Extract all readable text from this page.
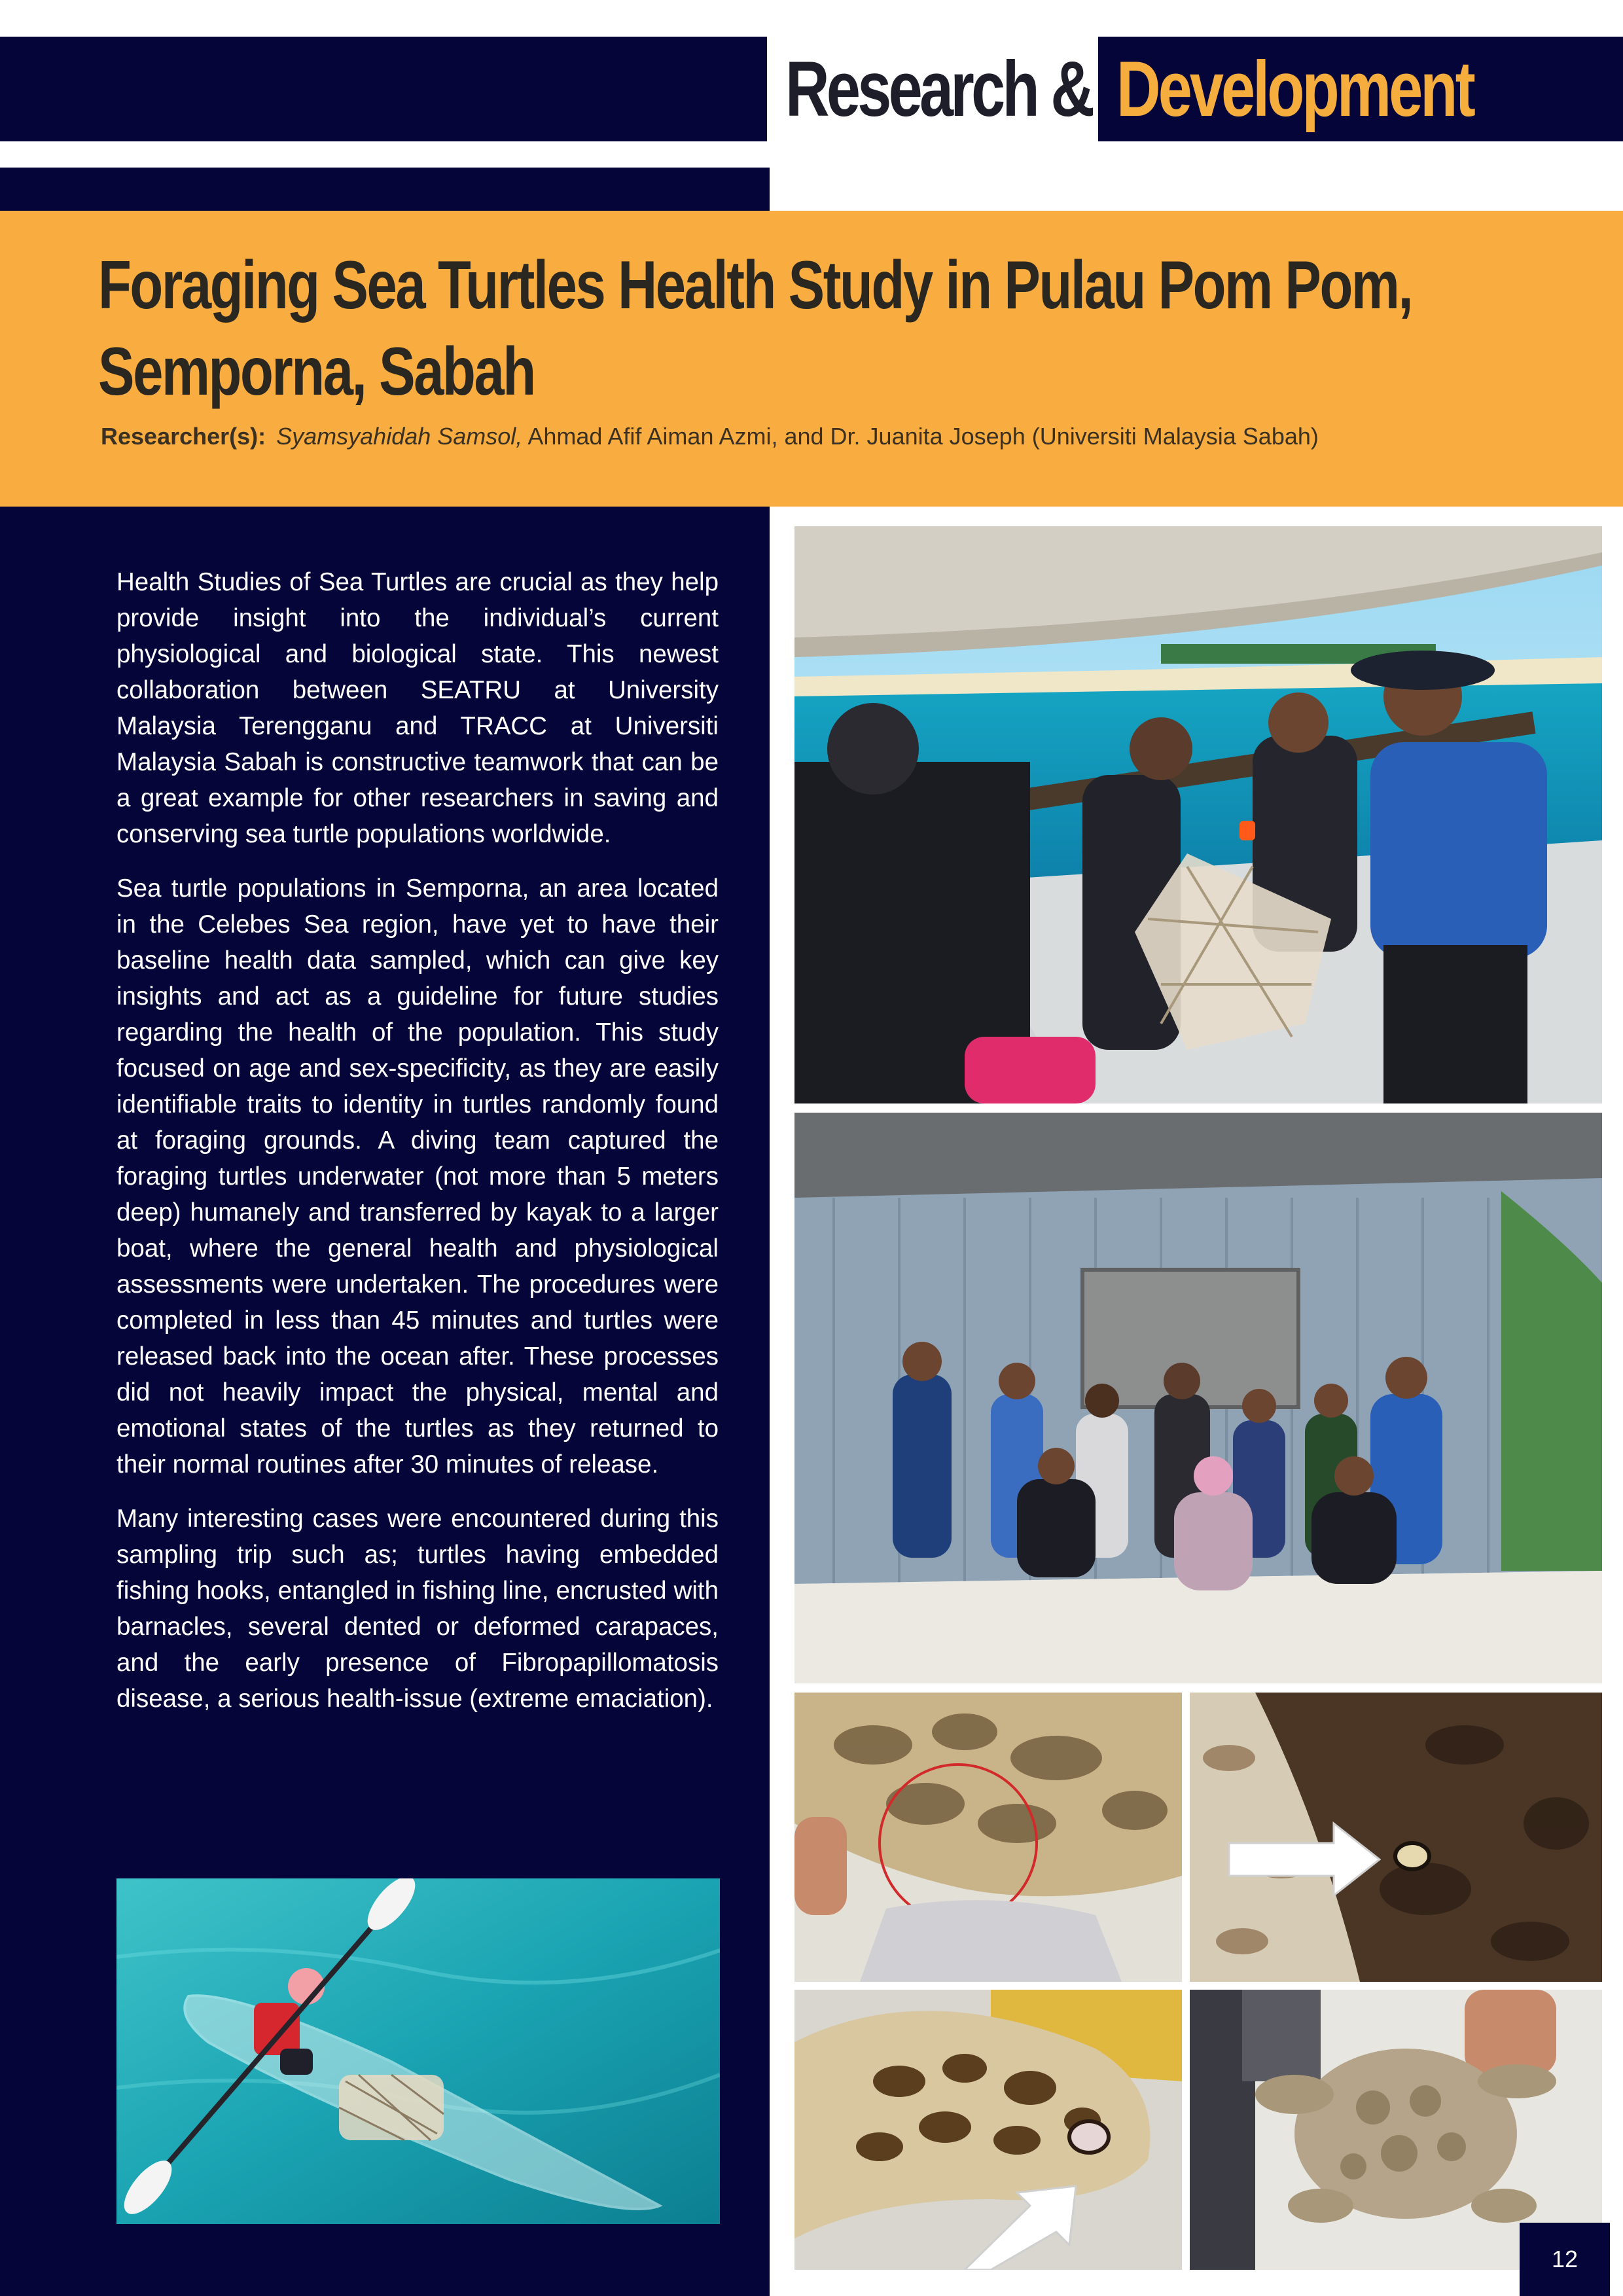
Research & Development
Foraging Sea Turtles Health Study in Pulau Pom Pom, Semporna, Sabah
Researcher(s): Syamsyahidah Samsol, Ahmad Afif Aiman Azmi, and Dr. Juanita Joseph (Universiti Malaysia Sabah)

Health Studies of Sea Turtles are crucial as they help provide insight into the individual’s current physiological and biological state. This newest collaboration between SEATRU at University Malaysia Terengganu and TRACC at Universiti Malaysia Sabah is constructive teamwork that can be a great example for other researchers in saving and conserving sea turtle populations worldwide.

Sea turtle populations in Semporna, an area located in the Celebes Sea region, have yet to have their baseline health data sampled, which can give key insights and act as a guideline for future studies regarding the health of the population. This study focused on age and sex-specificity, as they are easily identifiable traits to identity in turtles randomly found at foraging grounds. A diving team captured the foraging turtles underwater (not more than 5 meters deep) humanely and transferred by kayak to a larger boat, where the general health and physiological assessments were undertaken. The procedures were completed in less than 45 minutes and turtles were released back into the ocean after. These processes did not heavily impact the physical, mental and emotional states of the turtles as they returned to their normal routines after 30 minutes of release.

Many interesting cases were encountered during this sampling trip such as; turtles having embedded fishing hooks, entangled in fishing line, encrusted with barnacles, several dented or deformed carapaces, and the early presence of Fibropapillomatosis disease, a serious health-issue (extreme emaciation).

12
